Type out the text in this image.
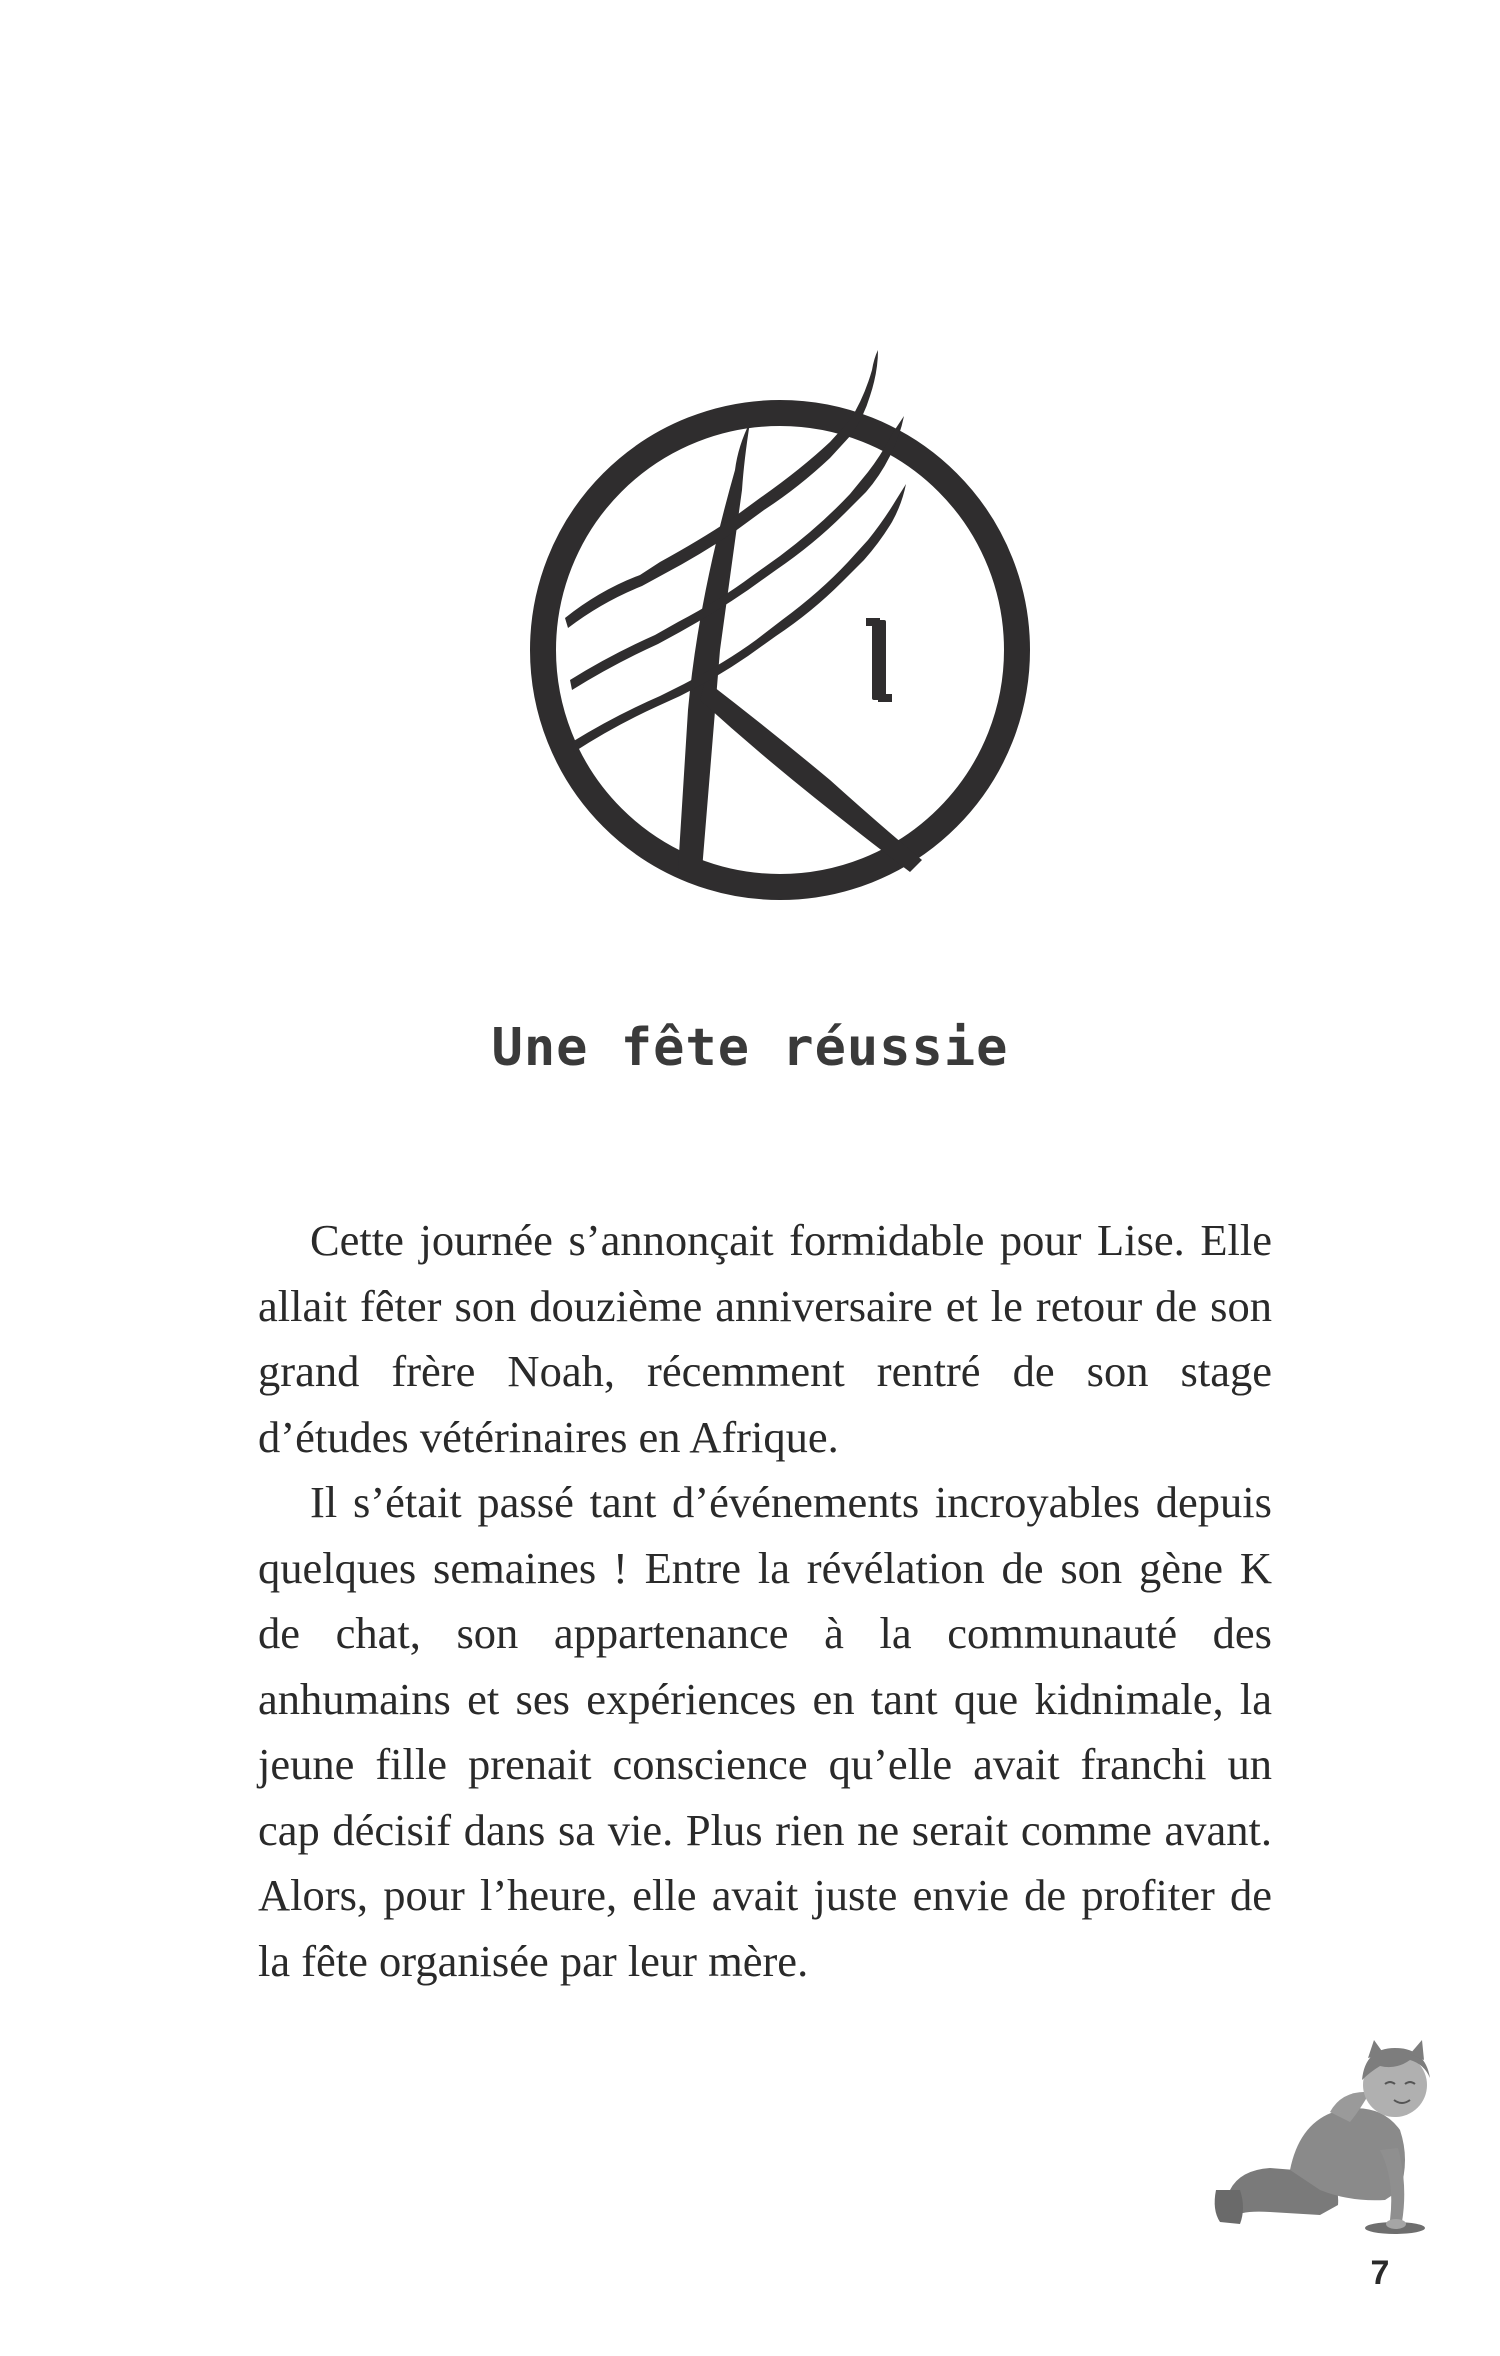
Une fête réussie

Cette journée s’annonçait formidable pour Lise. Elle allait fêter son douzième anniversaire et le retour de son grand frère Noah, récemment rentré de son stage d’études vétérinaires en Afrique.

Il s’était passé tant d’événements incroyables depuis quelques semaines ! Entre la révélation de son gène K de chat, son appartenance à la communauté des anhumains et ses expériences en tant que kidnimale, la jeune fille prenait conscience qu’elle avait franchi un cap décisif dans sa vie. Plus rien ne serait comme avant. Alors, pour l’heure, elle avait juste envie de profiter de la fête organisée par leur mère.

7
